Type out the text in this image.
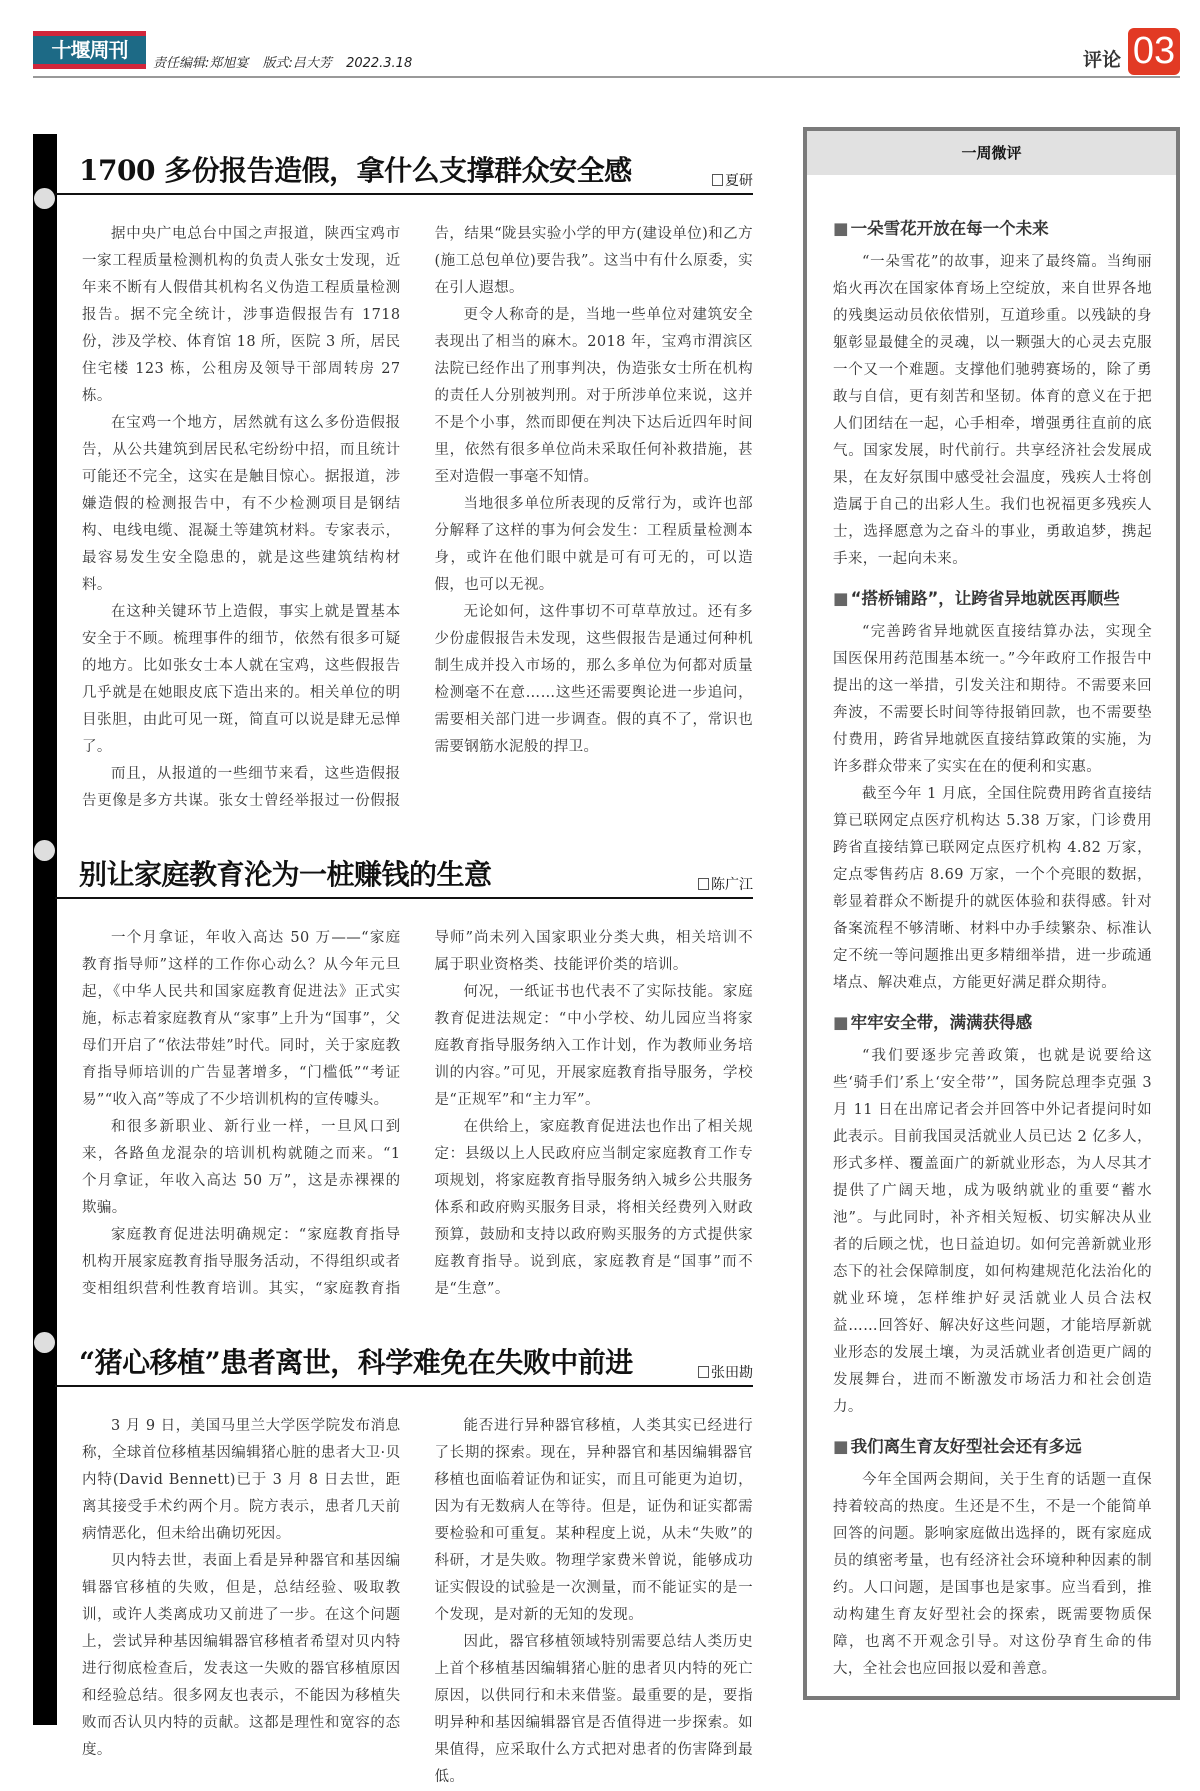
十堰周刊
责任编辑:郑旭宴 版式:吕大芳 2022.3.18	评论 03
1700 多份报告造假，拿什么支撑群众安全感	夏研

据中央广电总台中国之声报道，陕西宝鸡市一家工程质量检测机构的负责人张女士发现，近年来不断有人假借其机构名义伪造工程质量检测报告。据不完全统计，涉事造假报告有 1718 份，涉及学校、体育馆 18 所，医院 3 所，居民住宅楼 123 栋，公租房及领导干部周转房 27 栋。

在宝鸡一个地方，居然就有这么多份造假报告，从公共建筑到居民私宅纷纷中招，而且统计可能还不完全，这实在是触目惊心。据报道，涉嫌造假的检测报告中，有不少检测项目是钢结构、电线电缆、混凝土等建筑材料。专家表示，最容易发生安全隐患的，就是这些建筑结构材料。

在这种关键环节上造假，事实上就是置基本安全于不顾。梳理事件的细节，依然有很多可疑的地方。比如张女士本人就在宝鸡，这些假报告几乎就是在她眼皮底下造出来的。相关单位的明目张胆，由此可见一斑，简直可以说是肆无忌惮了。

而且，从报道的一些细节来看，这些造假报告更像是多方共谋。张女士曾经举报过一份假报告，结果“陇县实验小学的甲方(建设单位)和乙方(施工总包单位)要告我”。这当中有什么原委，实在引人遐想。

更令人称奇的是，当地一些单位对建筑安全表现出了相当的麻木。2018 年，宝鸡市渭滨区法院已经作出了刑事判决，伪造张女士所在机构的责任人分别被判刑。对于所涉单位来说，这并不是个小事，然而即便在判决下达后近四年时间里，依然有很多单位尚未采取任何补救措施，甚至对造假一事毫不知情。

当地很多单位所表现的反常行为，或许也部分解释了这样的事为何会发生：工程质量检测本身，或许在他们眼中就是可有可无的，可以造假，也可以无视。

无论如何，这件事切不可草草放过。还有多少份虚假报告未发现，这些假报告是通过何种机制生成并投入市场的，那么多单位为何都对质量检测毫不在意……这些还需要舆论进一步追问，需要相关部门进一步调查。假的真不了，常识也需要钢筋水泥般的捍卫。

别让家庭教育沦为一桩赚钱的生意	陈广江

一个月拿证，年收入高达 50 万——“家庭教育指导师”这样的工作你心动么？从今年元旦起，《中华人民共和国家庭教育促进法》正式实施，标志着家庭教育从“家事”上升为“国事”，父母们开启了“依法带娃”时代。同时，关于家庭教育指导师培训的广告显著增多，“门槛低”“考证易”“收入高”等成了不少培训机构的宣传噱头。

和很多新职业、新行业一样，一旦风口到来，各路鱼龙混杂的培训机构就随之而来。“1 个月拿证，年收入高达 50 万”，这是赤裸裸的欺骗。

家庭教育促进法明确规定：“家庭教育指导机构开展家庭教育指导服务活动，不得组织或者变相组织营利性教育培训。其实，“家庭教育指导师”尚未列入国家职业分类大典，相关培训不属于职业资格类、技能评价类的培训。

何况，一纸证书也代表不了实际技能。家庭教育促进法规定：“中小学校、幼儿园应当将家庭教育指导服务纳入工作计划，作为教师业务培训的内容。”可见，开展家庭教育指导服务，学校是“正规军”和“主力军”。

在供给上，家庭教育促进法也作出了相关规定：县级以上人民政府应当制定家庭教育工作专项规划，将家庭教育指导服务纳入城乡公共服务体系和政府购买服务目录，将相关经费列入财政预算，鼓励和支持以政府购买服务的方式提供家庭教育指导。说到底，家庭教育是“国事”而不是“生意”。

“猪心移植”患者离世，科学难免在失败中前进	张田勘

3 月 9 日，美国马里兰大学医学院发布消息称，全球首位移植基因编辑猪心脏的患者大卫·贝内特(David Bennett)已于 3 月 8 日去世，距离其接受手术约两个月。院方表示，患者几天前病情恶化，但未给出确切死因。

贝内特去世，表面上看是异种器官和基因编辑器官移植的失败，但是，总结经验、吸取教训，或许人类离成功又前进了一步。在这个问题上，尝试异种基因编辑器官移植者希望对贝内特进行彻底检查后，发表这一失败的器官移植原因和经验总结。很多网友也表示，不能因为移植失败而否认贝内特的贡献。这都是理性和宽容的态度。

能否进行异种器官移植，人类其实已经进行了长期的探索。现在，异种器官和基因编辑器官移植也面临着证伪和证实，而且可能更为迫切，因为有无数病人在等待。但是，证伪和证实都需要检验和可重复。某种程度上说，从未“失败”的科研，才是失败。物理学家费米曾说，能够成功证实假设的试验是一次测量，而不能证实的是一个发现，是对新的无知的发现。

因此，器官移植领域特别需要总结人类历史上首个移植基因编辑猪心脏的患者贝内特的死亡原因，以供同行和未来借鉴。最重要的是，要指明异种和基因编辑器官是否值得进一步探索。如果值得，应采取什么方式把对患者的伤害降到最低。

一周微评
■ 一朵雪花开放在每一个未来

“一朵雪花”的故事，迎来了最终篇。当绚丽焰火再次在国家体育场上空绽放，来自世界各地的残奥运动员依依惜别，互道珍重。以残缺的身躯彰显最健全的灵魂，以一颗强大的心灵去克服一个又一个难题。支撑他们驰骋赛场的，除了勇敢与自信，更有刻苦和坚韧。体育的意义在于把人们团结在一起，心手相牵，增强勇往直前的底气。国家发展，时代前行。共享经济社会发展成果，在友好氛围中感受社会温度，残疾人士将创造属于自己的出彩人生。我们也祝福更多残疾人士，选择愿意为之奋斗的事业，勇敢追梦，携起手来，一起向未来。

■ “搭桥铺路”，让跨省异地就医再顺些

“完善跨省异地就医直接结算办法，实现全国医保用药范围基本统一。”今年政府工作报告中提出的这一举措，引发关注和期待。不需要来回奔波，不需要长时间等待报销回款，也不需要垫付费用，跨省异地就医直接结算政策的实施，为许多群众带来了实实在在的便利和实惠。

截至今年 1 月底，全国住院费用跨省直接结算已联网定点医疗机构达 5.38 万家，门诊费用跨省直接结算已联网定点医疗机构 4.82 万家，定点零售药店 8.69 万家，一个个亮眼的数据，彰显着群众不断提升的就医体验和获得感。针对备案流程不够清晰、材料中办手续繁杂、标准认定不统一等问题推出更多精细举措，进一步疏通堵点、解决难点，方能更好满足群众期待。

■ 牢牢安全带，满满获得感

“我们要逐步完善政策，也就是说要给这些‘骑手们’系上‘安全带’”，国务院总理李克强 3 月 11 日在出席记者会并回答中外记者提问时如此表示。目前我国灵活就业人员已达 2 亿多人，形式多样、覆盖面广的新就业形态，为人尽其才提供了广阔天地，成为吸纳就业的重要“蓄水池”。与此同时，补齐相关短板、切实解决从业者的后顾之忧，也日益迫切。如何完善新就业形态下的社会保障制度，如何构建规范化法治化的就业环境，怎样维护好灵活就业人员合法权益……回答好、解决好这些问题，才能培厚新就业形态的发展土壤，为灵活就业者创造更广阔的发展舞台，进而不断激发市场活力和社会创造力。

■ 我们离生育友好型社会还有多远

今年全国两会期间，关于生育的话题一直保持着较高的热度。生还是不生，不是一个能简单回答的问题。影响家庭做出选择的，既有家庭成员的缜密考量，也有经济社会环境种种因素的制约。人口问题，是国事也是家事。应当看到，推动构建生育友好型社会的探索，既需要物质保障，也离不开观念引导。对这份孕育生命的伟大，全社会也应回报以爱和善意。
